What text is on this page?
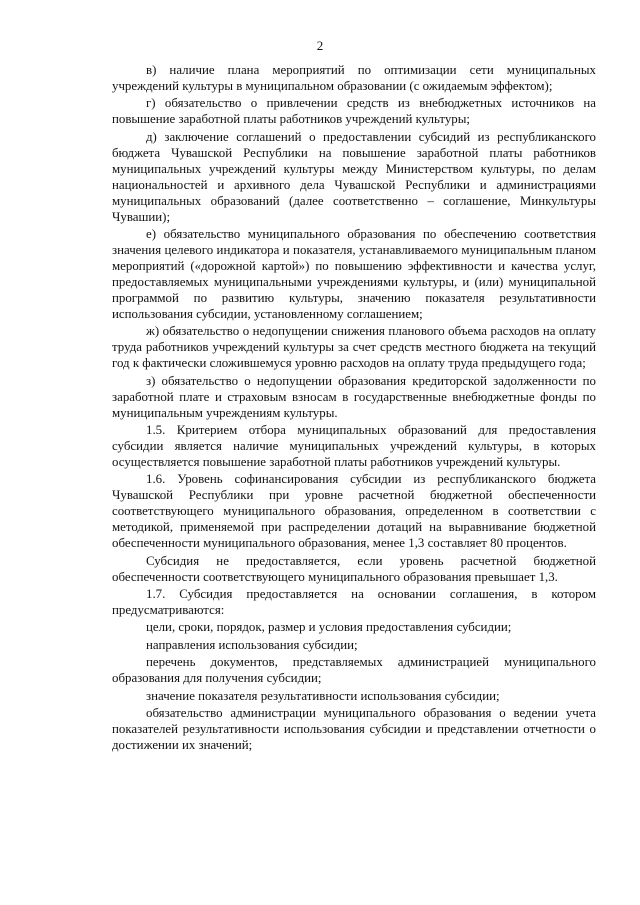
2

в) наличие плана мероприятий по оптимизации сети муниципальных учреждений культуры в муниципальном образовании (с ожидаемым эффектом);

г) обязательство о привлечении средств из внебюджетных источников на повышение заработной платы работников учреждений культуры;

д) заключение соглашений о предоставлении субсидий из республиканского бюджета Чувашской Республики на повышение заработной платы работников муниципальных учреждений культуры между Министерством культуры, по делам национальностей и архивного дела Чувашской Республики и администрациями муниципальных образований (далее соответственно – соглашение, Минкультуры Чувашии);

е) обязательство муниципального образования по обеспечению соответствия значения целевого индикатора и показателя, устанавливаемого муниципальным планом мероприятий («дорожной картой») по повышению эффективности и качества услуг, предоставляемых муниципальными учреждениями культуры, и (или) муниципальной программой по развитию культуры, значению показателя результативности использования субсидии, установленному соглашением;

ж) обязательство о недопущении снижения планового объема расходов на оплату труда работников учреждений культуры за счет средств местного бюджета на текущий год к фактически сложившемуся уровню расходов на оплату труда предыдущего года;

з) обязательство о недопущении образования кредиторской задолженности по заработной плате и страховым взносам в государственные внебюджетные фонды по муниципальным учреждениям культуры.

1.5. Критерием отбора муниципальных образований для предоставления субсидии является наличие муниципальных учреждений культуры, в которых осуществляется повышение заработной платы работников учреждений культуры.

1.6. Уровень софинансирования субсидии из республиканского бюджета Чувашской Республики при уровне расчетной бюджетной обеспеченности соответствующего муниципального образования, определенном в соответствии с методикой, применяемой при распределении дотаций на выравнивание бюджетной обеспеченности муниципального образования, менее 1,3 составляет 80 процентов.

Субсидия не предоставляется, если уровень расчетной бюджетной обеспеченности соответствующего муниципального образования превышает 1,3.

1.7. Субсидия предоставляется на основании соглашения, в котором предусматриваются:

цели, сроки, порядок, размер и условия предоставления субсидии;

направления использования субсидии;

перечень документов, представляемых администрацией муниципального образования для получения субсидии;

значение показателя результативности использования субсидии;

обязательство администрации муниципального образования о ведении учета показателей результативности использования субсидии и представлении отчетности о достижении их значений;
